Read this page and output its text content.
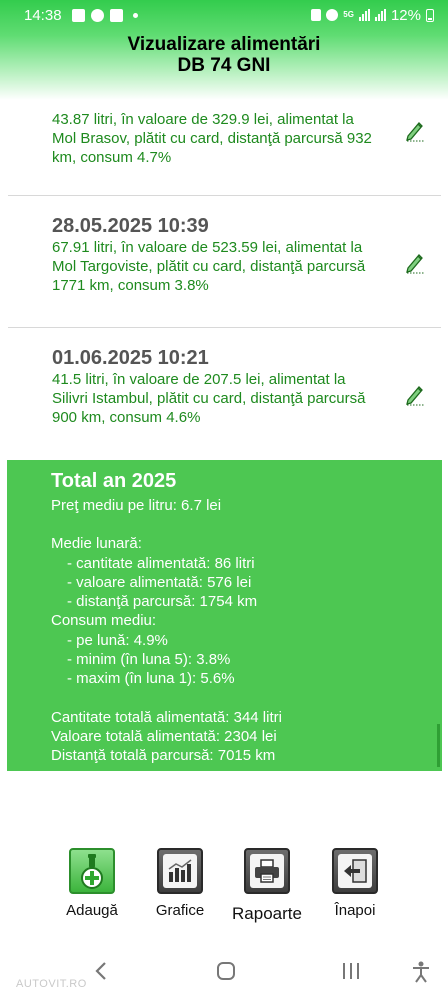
14:38	5G 12%
Vizualizare alimentări
DB 74 GNI
43.87 litri, în valoare de 329.9 lei, alimentat la Mol Brasov, plătit cu card, distanţă parcursă 932 km, consum 4.7%
28.05.2025 10:39
67.91 litri, în valoare de 523.59 lei, alimentat la Mol Targoviste, plătit cu card, distanţă parcursă 1771 km, consum 3.8%
01.06.2025 10:21
41.5 litri, în valoare de 207.5 lei, alimentat la Silivri Istambul, plătit cu card, distanţă parcursă 900 km, consum 4.6%
Total an 2025
Preţ mediu pe litru: 6.7 lei
Medie lunară:
- cantitate alimentată: 86 litri
- valoare alimentată: 576 lei
- distanţă parcursă: 1754 km
Consum mediu:
- pe lună: 4.9%
- minim (în luna 5): 3.8%
- maxim (în luna 1): 5.6%
Cantitate totală alimentată: 344 litri
Valoare totală alimentată: 2304 lei
Distanţă totală parcursă: 7015 km
Adaugă	Grafice	Rapoarte	Înapoi
AUTOVIT.RO
